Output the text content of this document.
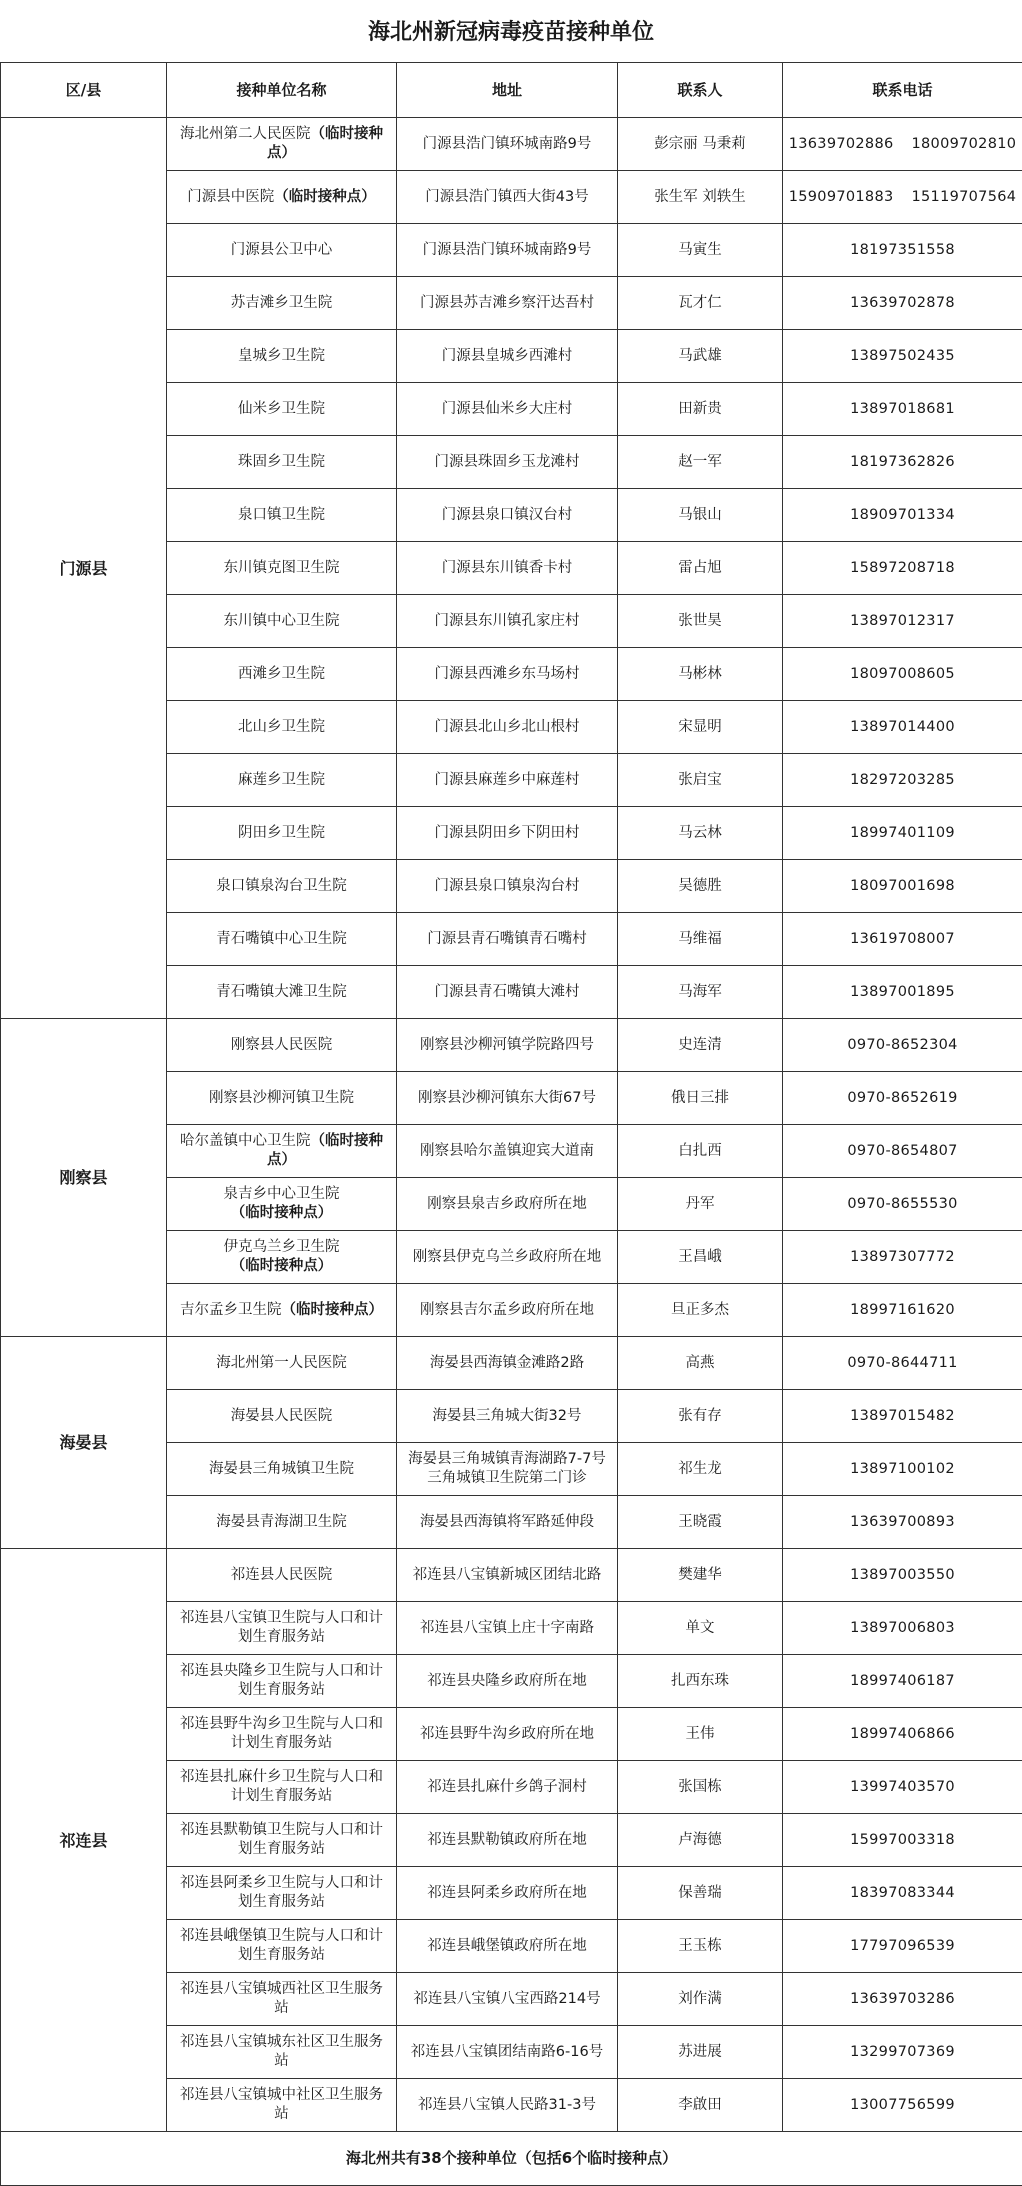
海北州新冠病毒疫苗接种单位
区/县	接种单位名称	地址	联系人	联系电话
门源县	海北州第二人民医院（临时接种点）	门源县浩门镇环城南路9号	彭宗丽 马秉莉	13639702886 18009702810

	门源县中医院（临时接种点）	门源县浩门镇西大街43号	张生军 刘轶生	15909701883 15119707564

	门源县公卫中心	门源县浩门镇环城南路9号	马寅生	18197351558

	苏吉滩乡卫生院	门源县苏吉滩乡察汗达吾村	瓦才仁	13639702878

	皇城乡卫生院	门源县皇城乡西滩村	马武雄	13897502435

	仙米乡卫生院	门源县仙米乡大庄村	田新贵	13897018681

	珠固乡卫生院	门源县珠固乡玉龙滩村	赵一军	18197362826

	泉口镇卫生院	门源县泉口镇汉台村	马银山	18909701334

	东川镇克图卫生院	门源县东川镇香卡村	雷占旭	15897208718

	东川镇中心卫生院	门源县东川镇孔家庄村	张世昊	13897012317

	西滩乡卫生院	门源县西滩乡东马场村	马彬林	18097008605

	北山乡卫生院	门源县北山乡北山根村	宋显明	13897014400

	麻莲乡卫生院	门源县麻莲乡中麻莲村	张启宝	18297203285

	阴田乡卫生院	门源县阴田乡下阴田村	马云林	18997401109

	泉口镇泉沟台卫生院	门源县泉口镇泉沟台村	吴德胜	18097001698

	青石嘴镇中心卫生院	门源县青石嘴镇青石嘴村	马维福	13619708007

	青石嘴镇大滩卫生院	门源县青石嘴镇大滩村	马海军	13897001895

刚察县	刚察县人民医院	刚察县沙柳河镇学院路四号	史连清	0970-8652304

	刚察县沙柳河镇卫生院	刚察县沙柳河镇东大街67号	俄日三排	0970-8652619

	哈尔盖镇中心卫生院（临时接种点）	刚察县哈尔盖镇迎宾大道南	白扎西	0970-8654807

	泉吉乡中心卫生院（临时接种点）	刚察县泉吉乡政府所在地	丹军	0970-8655530

	伊克乌兰乡卫生院（临时接种点）	刚察县伊克乌兰乡政府所在地	王昌峨	13897307772

	吉尔孟乡卫生院（临时接种点）	刚察县吉尔孟乡政府所在地	旦正多杰	18997161620

海晏县	海北州第一人民医院	海晏县西海镇金滩路2路	高燕	0970-8644711

	海晏县人民医院	海晏县三角城大街32号	张有存	13897015482

	海晏县三角城镇卫生院	海晏县三角城镇青海湖路7-7号三角城镇卫生院第二门诊	祁生龙	13897100102

	海晏县青海湖卫生院	海晏县西海镇将军路延伸段	王晓霞	13639700893

祁连县	祁连县人民医院	祁连县八宝镇新城区团结北路	樊建华	13897003550

	祁连县八宝镇卫生院与人口和计划生育服务站	祁连县八宝镇上庄十字南路	单文	13897006803

	祁连县央隆乡卫生院与人口和计划生育服务站	祁连县央隆乡政府所在地	扎西东珠	18997406187

	祁连县野牛沟乡卫生院与人口和计划生育服务站	祁连县野牛沟乡政府所在地	王伟	18997406866

	祁连县扎麻什乡卫生院与人口和计划生育服务站	祁连县扎麻什乡鸽子洞村	张国栋	13997403570

	祁连县默勒镇卫生院与人口和计划生育服务站	祁连县默勒镇政府所在地	卢海德	15997003318

	祁连县阿柔乡卫生院与人口和计划生育服务站	祁连县阿柔乡政府所在地	保善瑞	18397083344

	祁连县峨堡镇卫生院与人口和计划生育服务站	祁连县峨堡镇政府所在地	王玉栋	17797096539

	祁连县八宝镇城西社区卫生服务站	祁连县八宝镇八宝西路214号	刘作满	13639703286

	祁连县八宝镇城东社区卫生服务站	祁连县八宝镇团结南路6-16号	苏进展	13299707369

	祁连县八宝镇城中社区卫生服务站	祁连县八宝镇人民路31-3号	李啟田	13007756599

海北州共有38个接种单位（包括6个临时接种点）				
